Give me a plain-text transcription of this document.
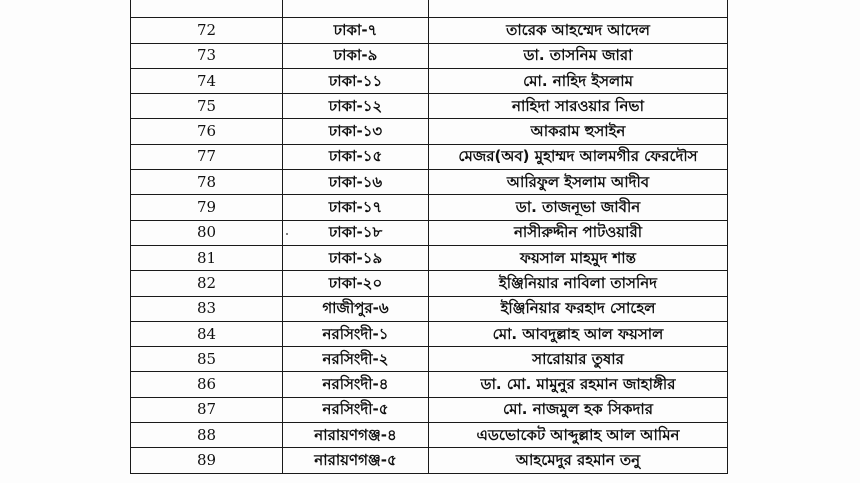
72	ঢাকা-৭	তারেক আহম্মেদ আদেল
73	ঢাকা-৯	ডা. তাসনিম জারা
74	ঢাকা-১১	মো. নাহিদ ইসলাম
75	ঢাকা-১২	নাহিদা সারওয়ার নিভা
76	ঢাকা-১৩	আকরাম হুসাইন
77	ঢাকা-১৫	মেজর(অব) মুহাম্মদ আলমগীর ফেরদৌস
78	ঢাকা-১৬	আরিফুল ইসলাম আদীব
79	ঢাকা-১৭	ডা. তাজনূভা জাবীন
80	ঢাকা-১৮	নাসীরুদ্দীন পাটওয়ারী
81	ঢাকা-১৯	ফয়সাল মাহমুদ শান্ত
82	ঢাকা-২০	ইঞ্জিনিয়ার নাবিলা তাসনিদ
83	গাজীপুর-৬	ইঞ্জিনিয়ার ফরহাদ সোহেল
84	নরসিংদী-১	মো. আবদুল্লাহ আল ফয়সাল
85	নরসিংদী-২	সারোয়ার তুষার
86	নরসিংদী-৪	ডা. মো. মামুনুর রহমান জাহাঙ্গীর
87	নরসিংদী-৫	মো. নাজমুল হক সিকদার
88	নারায়ণগঞ্জ-৪	এডভোকেট আব্দুল্লাহ আল আমিন
89	নারায়ণগঞ্জ-৫	আহমেদুর রহমান তনু
